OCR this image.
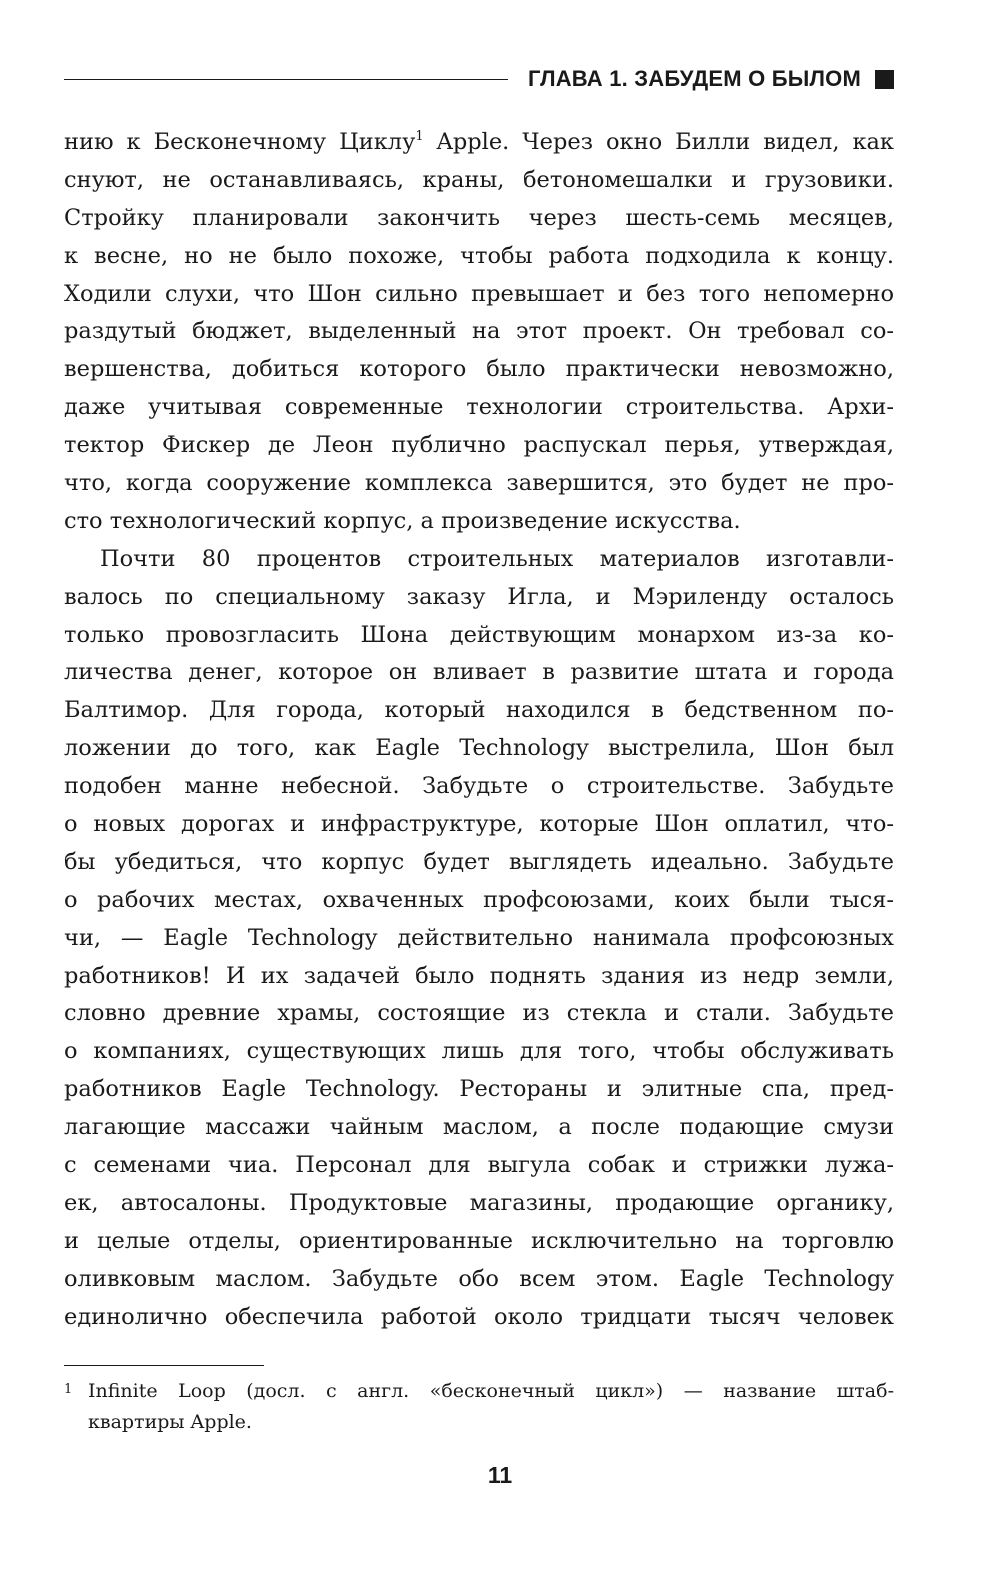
ГЛАВА 1. ЗАБУДЕМ О БЫЛОМ
нию к Бесконечному Циклу$^1$ Apple. Через окно Билли видел, как
снуют, не останавливаясь, краны, бетономешалки и грузовики.
Стройку планировали закончить через шесть-семь месяцев,
к весне, но не было похоже, чтобы работа подходила к концу.
Ходили слухи, что Шон сильно превышает и без того непомерно
раздутый бюджет, выделенный на этот проект. Он требовал со-
вершенства, добиться которого было практически невозможно,
даже учитывая современные технологии строительства. Архи-
тектор Фискер де Леон публично распускал перья, утверждая,
что, когда сооружение комплекса завершится, это будет не про-
сто технологический корпус, а произведение искусства.
Почти 80 процентов строительных материалов изготавли-
валось по специальному заказу Игла, и Мэриленду осталось
только провозгласить Шона действующим монархом из-за ко-
личества денег, которое он вливает в развитие штата и города
Балтимор. Для города, который находился в бедственном по-
ложении до того, как Eagle Technology выстрелила, Шон был
подобен манне небесной. Забудьте о строительстве. Забудьте
о новых дорогах и инфраструктуре, которые Шон оплатил, что-
бы убедиться, что корпус будет выглядеть идеально. Забудьте
о рабочих местах, охваченных профсоюзами, коих были тыся-
чи, — Eagle Technology действительно нанимала профсоюзных
работников! И их задачей было поднять здания из недр земли,
словно древние храмы, состоящие из стекла и стали. Забудьте
о компаниях, существующих лишь для того, чтобы обслуживать
работников Eagle Technology. Рестораны и элитные спа, пред-
лагающие массажи чайным маслом, а после подающие смузи
с семенами чиа. Персонал для выгула собак и стрижки лужа-
ек, автосалоны. Продуктовые магазины, продающие органику,
и целые отделы, ориентированные исключительно на торговлю
оливковым маслом. Забудьте обо всем этом. Eagle Technology
единолично обеспечила работой около тридцати тысяч человек
1 Infinite Loop (досл. с англ. «бесконечный цикл») — название штаб-
квартиры Apple.
11
